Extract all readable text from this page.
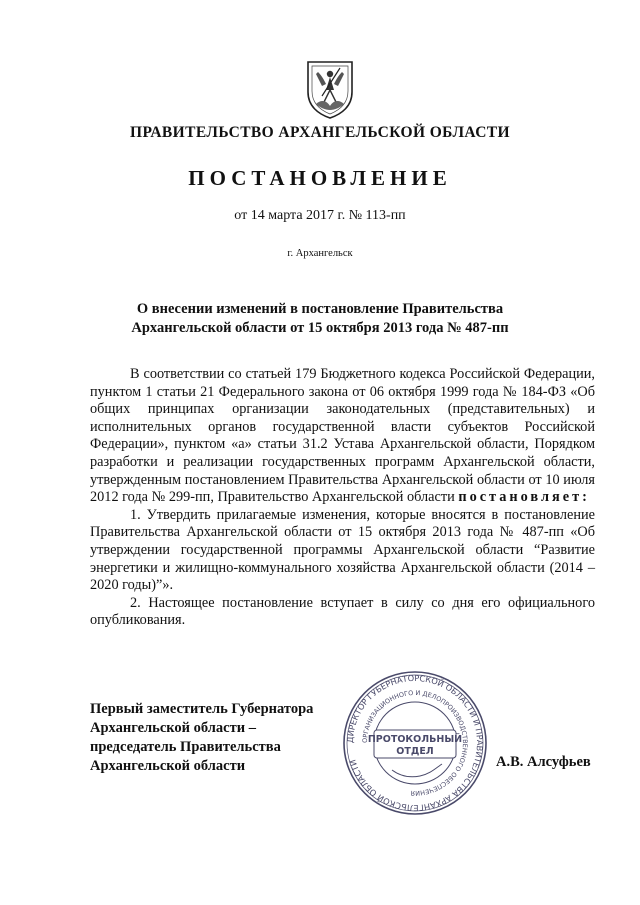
ПРАВИТЕЛЬСТВО АРХАНГЕЛЬСКОЙ ОБЛАСТИ
ПОСТАНОВЛЕНИЕ
от 14 марта 2017 г. № 113-пп
г. Архангельск
О внесении изменений в постановление Правительства
Архангельской области от 15 октября 2013 года № 487-пп

В соответствии со статьей 179 Бюджетного кодекса Российской Федерации, пунктом 1 статьи 21 Федерального закона от 06 октября 1999 года № 184-ФЗ «Об общих принципах организации законодательных (представительных) и исполнительных органов государственной власти субъектов Российской Федерации», пунктом «а» статьи 31.2 Устава Архангельской области, Порядком разработки и реализации государственных программ Архангельской области, утвержденным постановлением Правительства Архангельской области от 10 июля 2012 года № 299-пп, Правительство Архангельской области постановляет:

1. Утвердить прилагаемые изменения, которые вносятся в постановление Правительства Архангельской области от 15 октября 2013 года № 487-пп «Об утверждении государственной программы Архангельской области “Развитие энергетики и жилищно-коммунального хозяйства Архангельской области (2014 – 2020 годы)”».

2. Настоящее постановление вступает в силу со дня его официального опубликования.

Первый заместитель Губернатора
Архангельской области –
председатель Правительства
Архангельской области
ДИРЕКТОР ГУБЕРНАТОРСКОЙ ОБЛАСТИ И ПРАВИТЕЛЬСТВА АРХАНГЕЛЬСКОЙ ОБЛАСТИ
ОРГАНИЗАЦИОННОГО И ДЕЛОПРОИЗВОДСТВЕННОГО ОБЕСПЕЧЕНИЯ
ПРОТОКОЛЬНЫЙ
ОТДЕЛ
А.В. Алсуфьев
